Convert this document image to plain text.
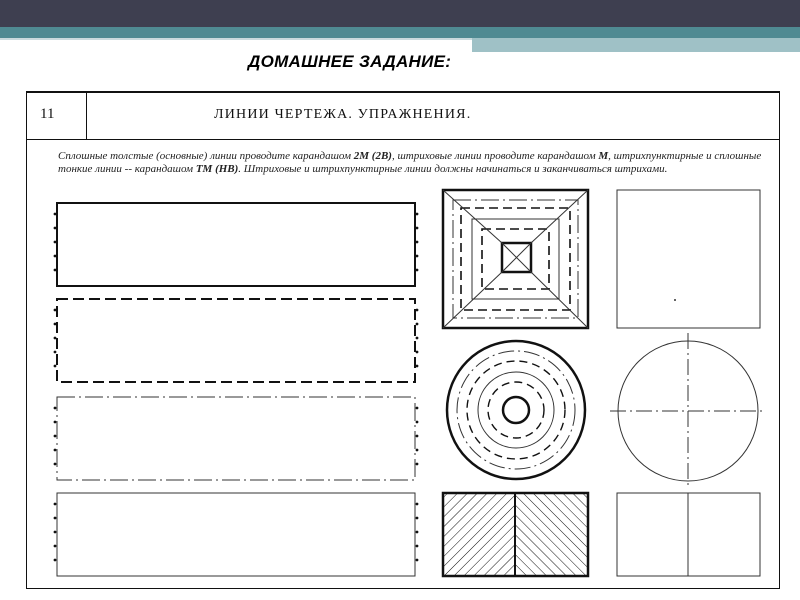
ДОМАШНЕЕ ЗАДАНИЕ:
11	ЛИНИИ ЧЕРТЕЖА. УПРАЖНЕНИЯ.
Сплошные толстые (основные) линии проводите карандашом 2М (2В), штриховые линии проводите карандашом М, штрихпунктирные и сплошные тонкие линии -- карандашом ТМ (НВ). Штриховые и штрихпунктирные линии должны начинаться и заканчиваться штрихами.
